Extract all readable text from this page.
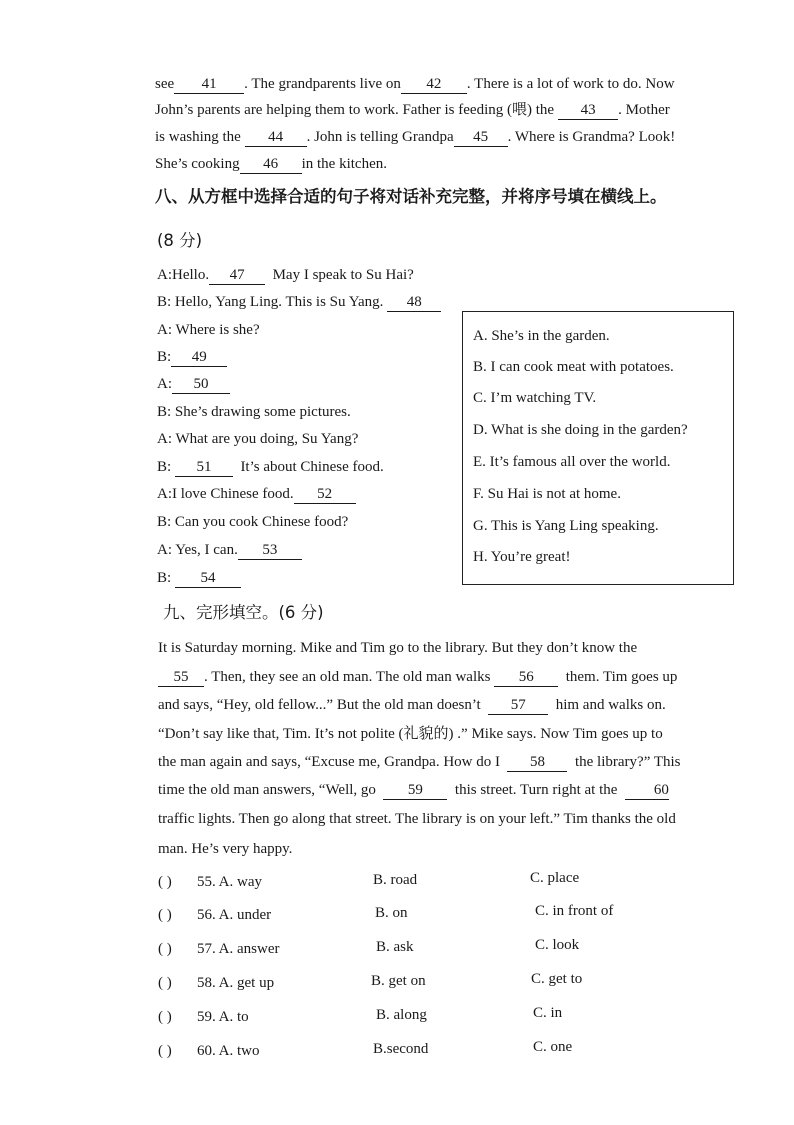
see 41 . The grandparents live on 42 . There is a lot of work to do. Now
John’s parents are helping them to work. Father is feeding (喂) the 43 . Mother
is washing the 44 . John is telling Grandpa 45 . Where is Grandma? Look!
She’s cooking 46 in the kitchen.
八、从方框中选择合适的句子将对话补充完整，并将序号填在横线上。
(8 分)
A:Hello. 47 May I speak to Su Hai?
B: Hello, Yang Ling. This is Su Yang. 48
A: Where is she?
B: 49
A: 50
B: She’s drawing some pictures.
A: What are you doing, Su Yang?
B: 51 It’s about Chinese food.
A:I love Chinese food. 52
B: Can you cook Chinese food?
A: Yes, I can. 53
B: 54
A. She’s in the garden.
B. I can cook meat with potatoes.
C. I’m watching TV.
D. What is she doing in the garden?
E. It’s famous all over the world.
F. Su Hai is not at home.
G. This is Yang Ling speaking.
H. You’re great!
九、完形填空。(6 分)
It is Saturday morning. Mike and Tim go to the library. But they don’t know the
55 . Then, they see an old man. The old man walks 56 them. Tim goes up
and says, “Hey, old fellow...” But the old man doesn’t 57 him and walks on.
“Don’t say like that, Tim. It’s not polite (礼貌的) .” Mike says. Now Tim goes up to
the man again and says, “Excuse me, Grandpa. How do I 58 the library?” This
time the old man answers, “Well, go 59 this street. Turn right at the 60
traffic lights. Then go along that street. The library is on your left.” Tim thanks the old
man. He’s very happy.
( ) 55. A. way	B. road	C. place
( ) 56. A. under	B. on	C. in front of
( ) 57. A. answer	B. ask	C. look
( ) 58. A. get up	B. get on	C. get to
( ) 59. A. to	B. along	C. in
( ) 60. A. two	B.second	C. one
